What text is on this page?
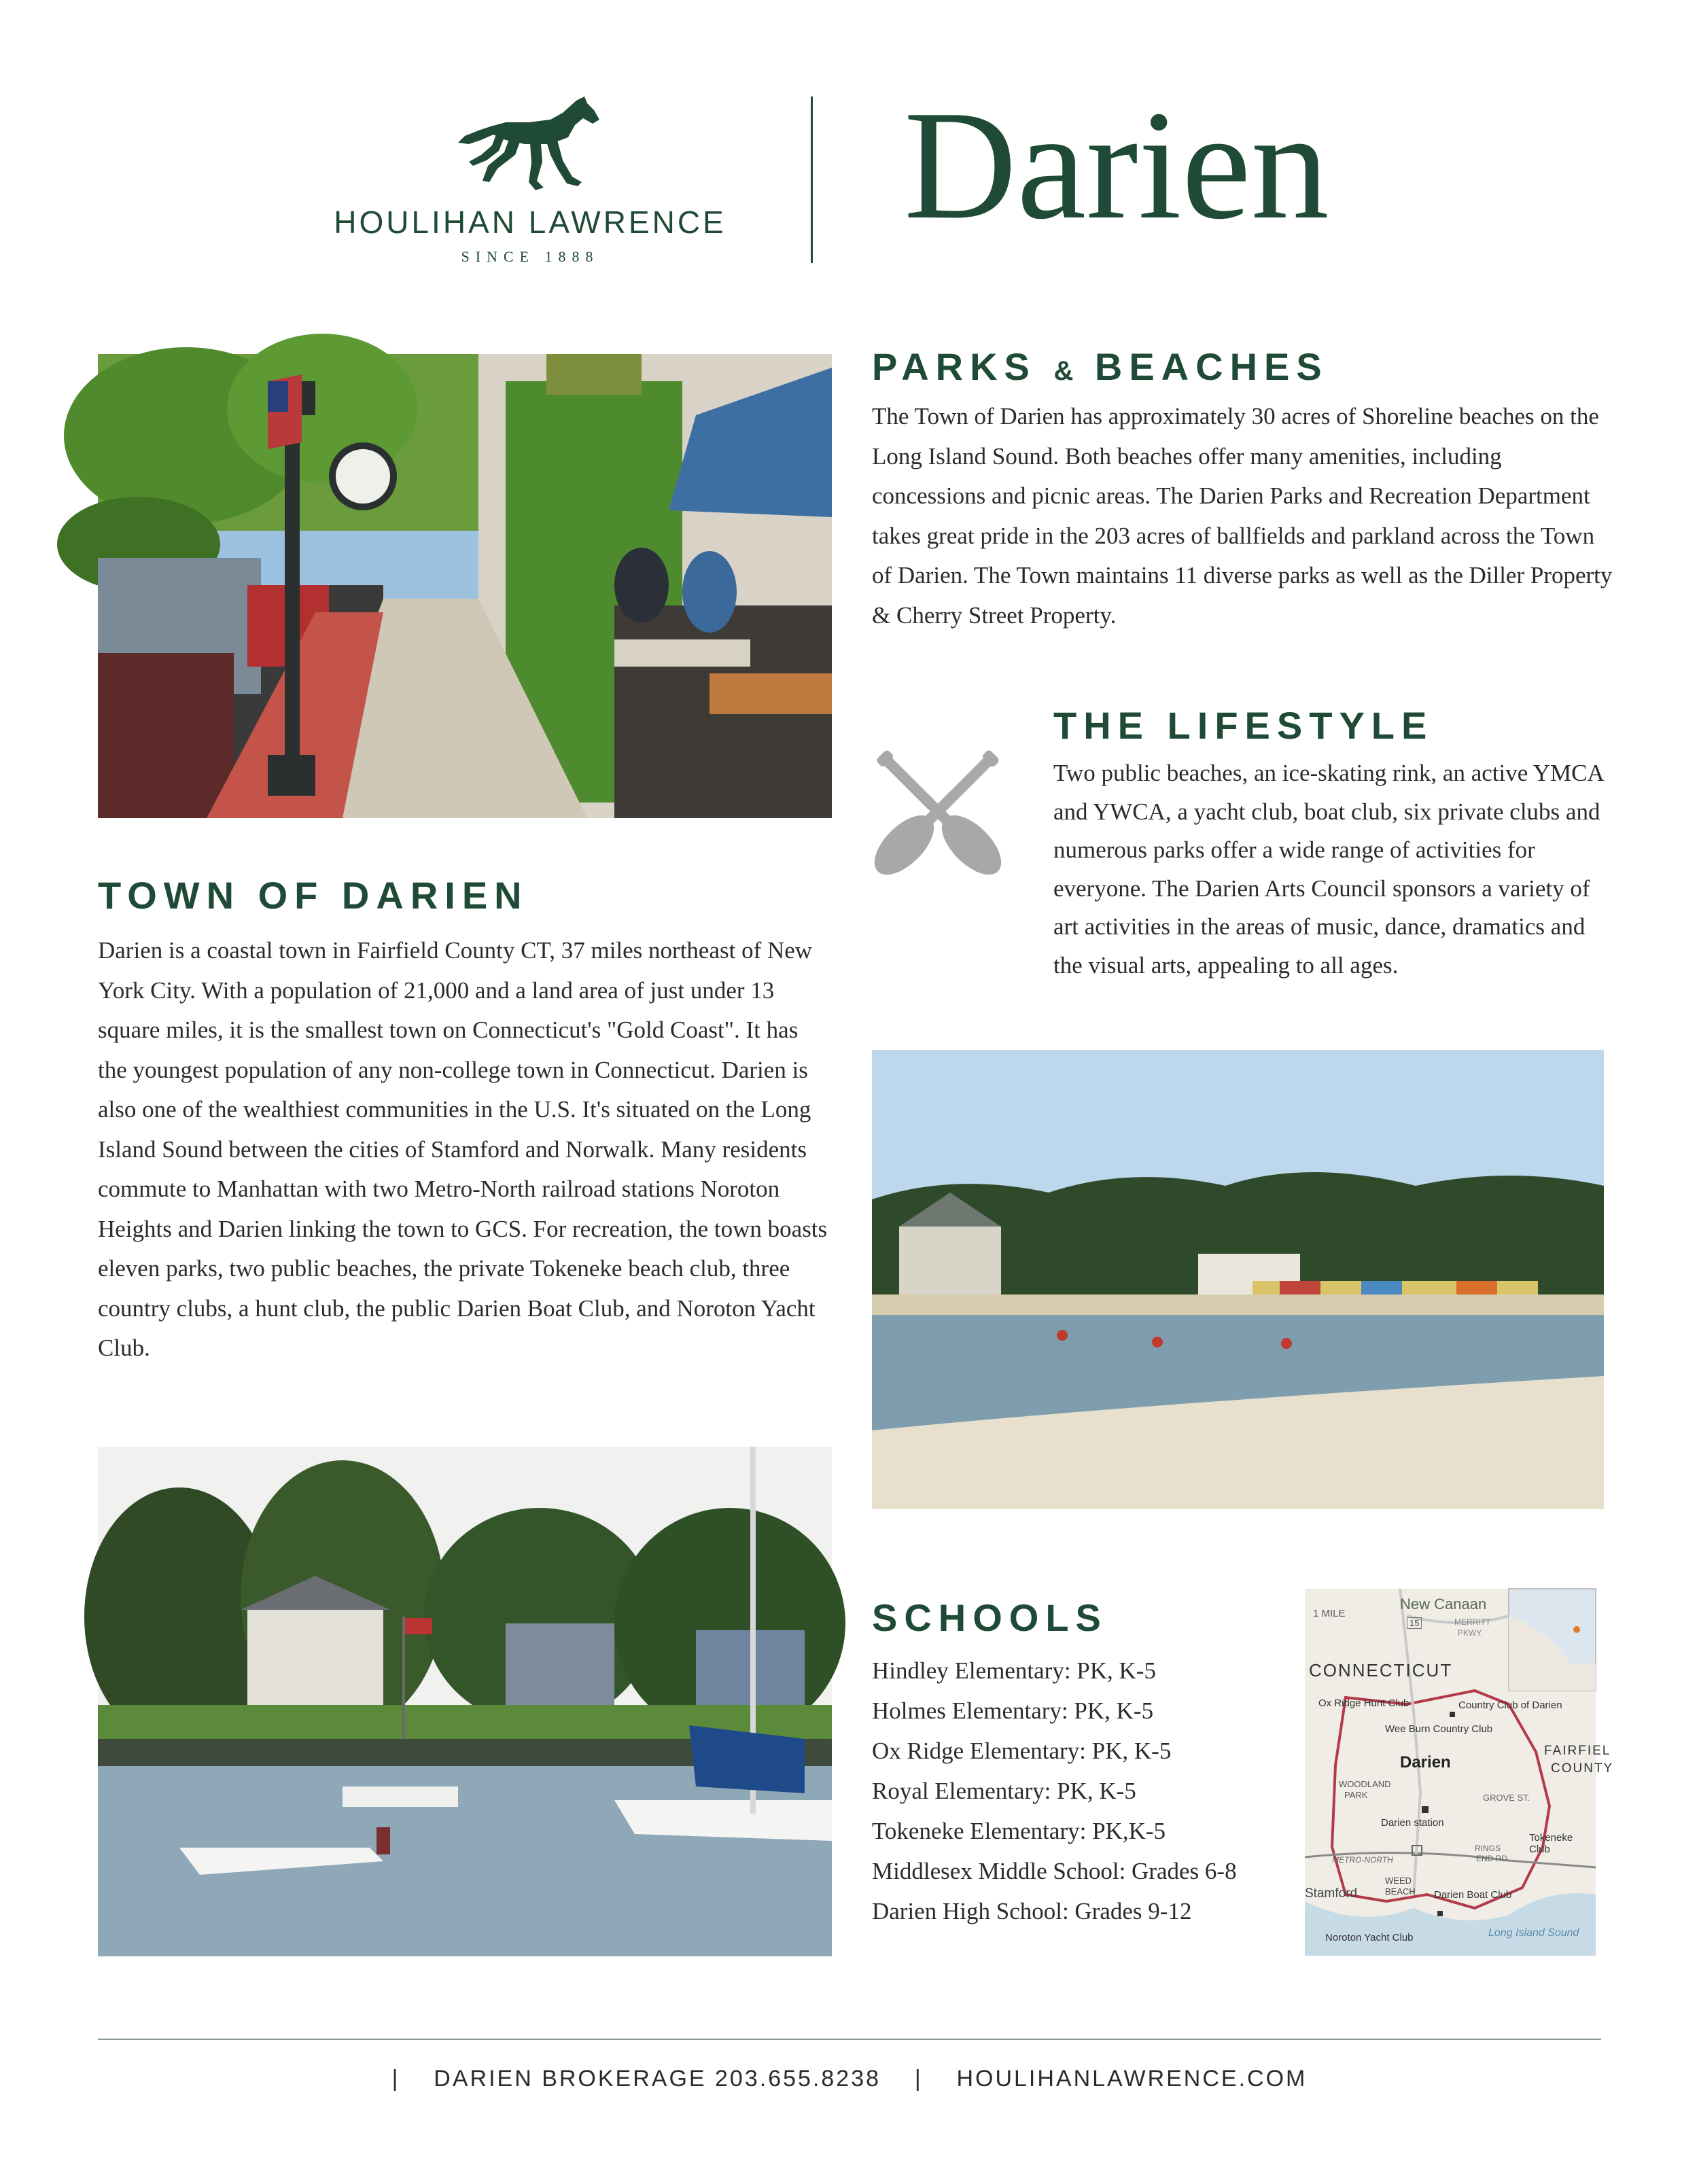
HOULIHAN LAWRENCE
SINCE 1888
Darien
PARKS & BEACHES
The Town of Darien has approximately 30 acres of Shoreline beaches on the Long Island Sound. Both beaches offer many amenities, including concessions and picnic areas. The Darien Parks and Recreation Department takes great pride in the 203 acres of ballfields and parkland across the Town of Darien. The Town maintains 11 diverse parks as well as the Diller Property & Cherry Street Property.
THE LIFESTYLE
Two public beaches, an ice-skating rink, an active YMCA and YWCA, a yacht club, boat club, six private clubs and numerous parks offer a wide range of activities for everyone. The Darien Arts Council sponsors a variety of art activities in the areas of music, dance, dramatics and the visual arts, appealing to all ages.
TOWN OF DARIEN
Darien is a coastal town in Fairfield County CT, 37 miles northeast of New York City. With a population of 21,000 and a land area of just under 13 square miles, it is the smallest town on Connecticut's "Gold Coast". It has the youngest population of any non-college town in Connecticut. Darien is also one of the wealthiest communities in the U.S. It's situated on the Long Island Sound between the cities of Stamford and Norwalk. Many residents commute to Manhattan with two Metro-North railroad stations Noroton Heights and Darien linking the town to GCS. For recreation, the town boasts eleven parks, two public beaches, the private Tokeneke beach club, three country clubs, a hunt club, the public Darien Boat Club, and Noroton Yacht Club.
SCHOOLS
Hindley Elementary: PK, K-5
Holmes Elementary: PK, K-5
Ox Ridge Elementary: PK, K-5
Royal Elementary: PK, K-5
Tokeneke Elementary: PK,K-5
Middlesex Middle School: Grades 6-8
Darien High School: Grades 9-12
1 MILE
New Canaan
15	MERRITT
PKWY.
CONNECTICUT
Ox Ridge Hunt Club	Country Club of Darien
Wee Burn Country Club
Darien
FAIRFIEL
COUNTY
WOODLAND
PARK	GROVE ST.
Darien station
Tokeneke Club
METRO-NORTH
RINGS
END RD.
Stamford
WEED
BEACH Darien Boat Club
Noroton Yacht Club	Long Island Sound
| DARIEN BROKERAGE 203.655.8238 | HOULIHANLAWRENCE.COM
